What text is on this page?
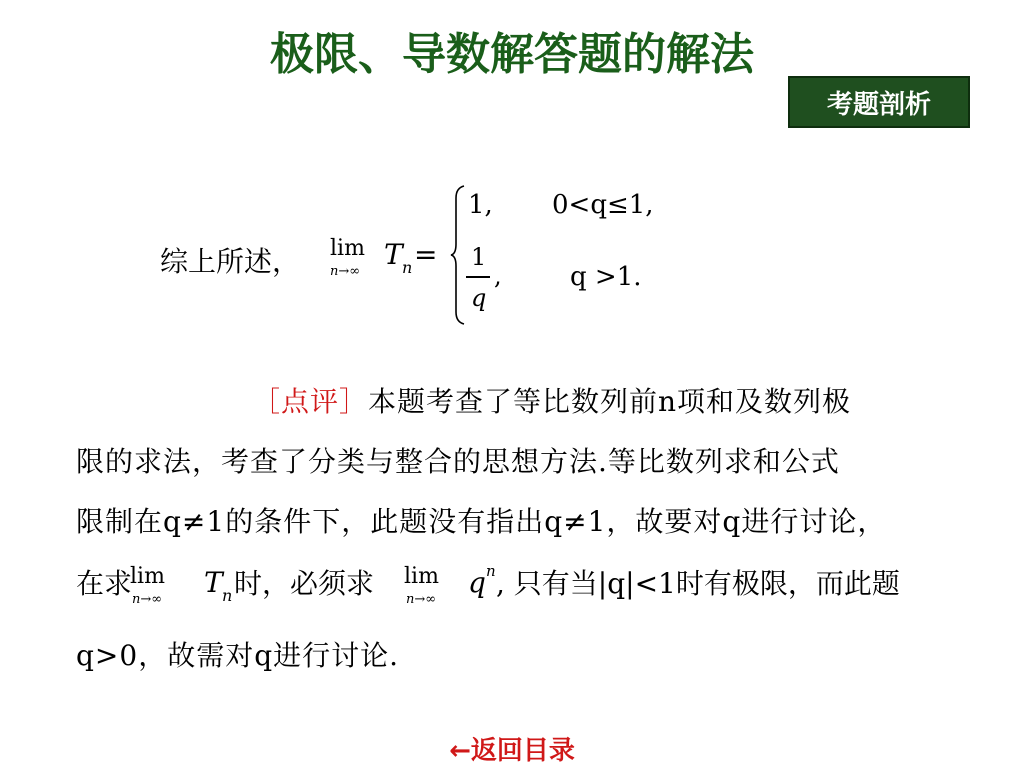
极限、导数解答题的解法
考题剖析
综上所述， lim
n→∞
T n =
1, 0<q≤1,
1
q
,	q >1.
［点评］本题考查了等比数列前n项和及数列极
限的求法，考查了分类与整合的思想方法.等比数列求和公式
限制在q≠1的条件下，此题没有指出q≠1，故要对q进行讨论，
在求
lim
n→∞
T n 时，必须求 lim
n→∞
q n , 只有当|q|<1时有极限，而此题
q>0，故需对q进行讨论.
←返回目录
